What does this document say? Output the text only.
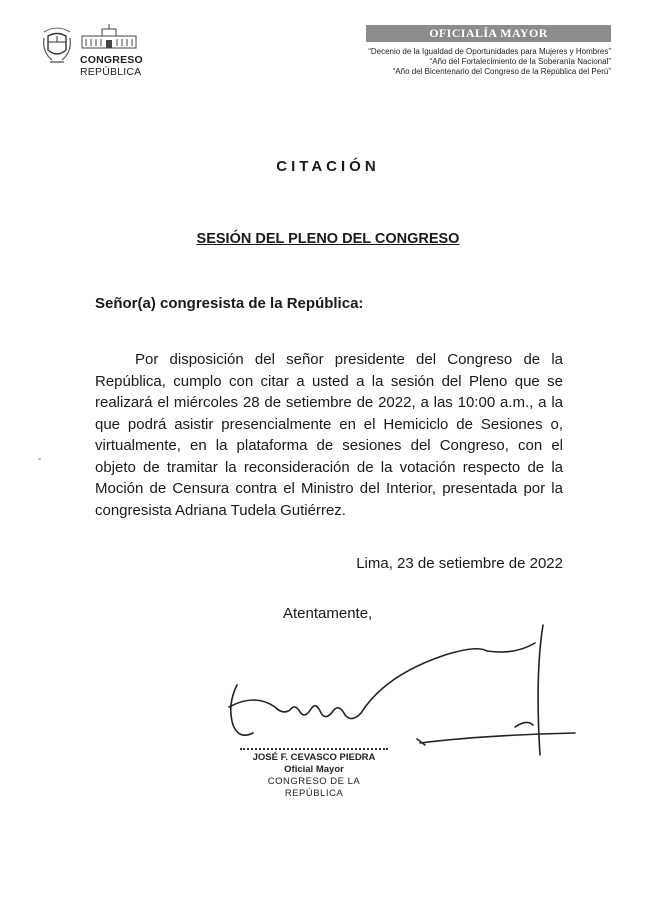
CONGRESO
REPÚBLICA
OFICIALÍA MAYOR
“Decenio de la Igualdad de Oportunidades para Mujeres y Hombres”
“Año del Fortalecimiento de la Soberanía Nacional”
“Año del Bicentenario del Congreso de la República del Perú”
CITACIÓN
SESIÓN DEL PLENO DEL CONGRESO
Señor(a) congresista de la República:
Por disposición del señor presidente del Congreso de la República, cumplo con citar a usted a la sesión del Pleno que se realizará el miércoles 28 de setiembre de 2022, a las 10:00 a.m., a la que podrá asistir presencialmente en el Hemiciclo de Sesiones o, virtualmente, en la plataforma de sesiones del Congreso, con el objeto de tramitar la reconsideración de la votación respecto de la Moción de Censura contra el Ministro del Interior, presentada por la congresista Adriana Tudela Gutiérrez.
Lima, 23 de setiembre de 2022
Atentamente,
JOSÉ F. CEVASCO PIEDRA
Oficial Mayor
CONGRESO DE LA REPÚBLICA
